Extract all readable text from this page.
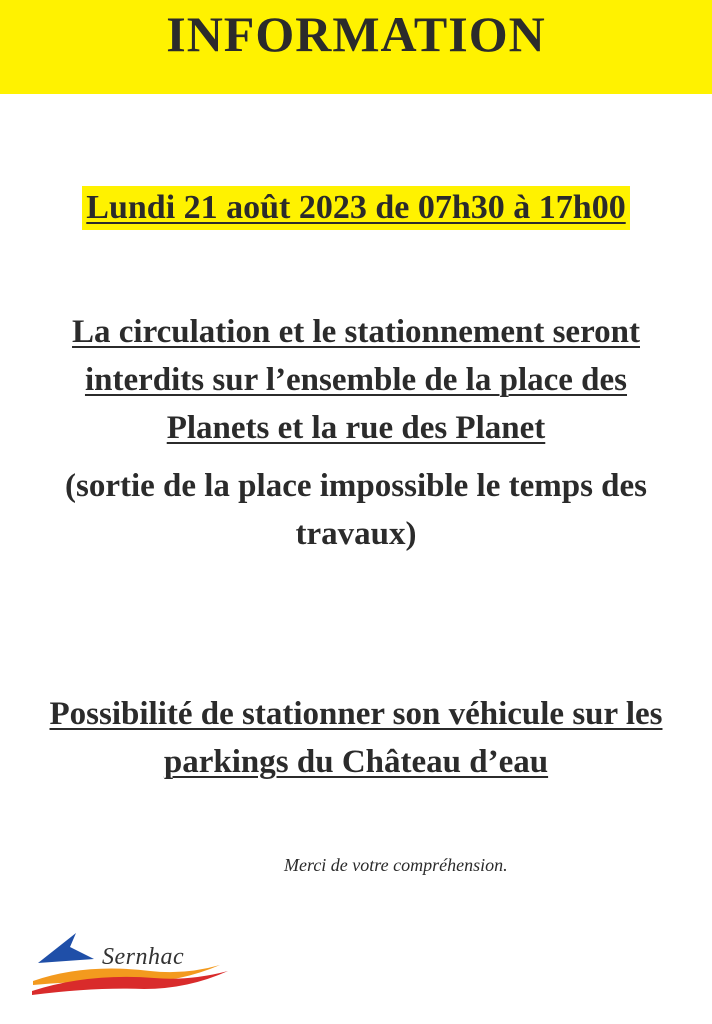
INFORMATION
Lundi 21 août 2023 de 07h30 à 17h00
La circulation et le stationnement seront
interdits sur l’ensemble de la place des
Planets et la rue des Planet
(sortie de la place impossible le temps des
travaux)
Possibilité de stationner son véhicule sur les
parkings du Château d’eau
Merci de votre compréhension.
Sernhac
